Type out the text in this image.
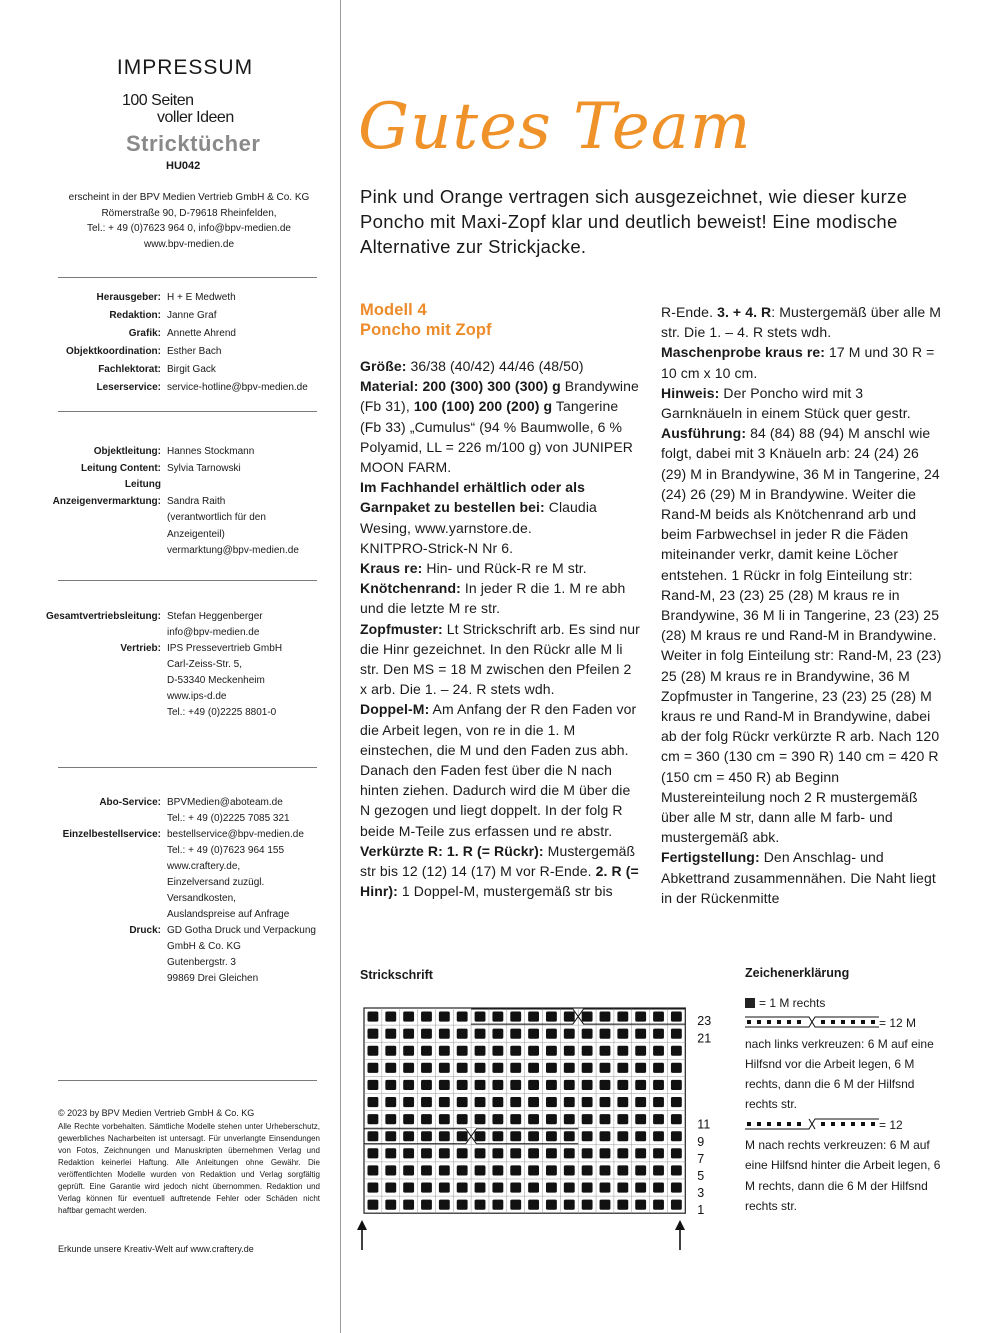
IMPRESSUM
100 Seiten
voller Ideen
Stricktücher
HU042
erscheint in der BPV Medien Vertrieb GmbH & Co. KG
Römerstraße 90, D-79618 Rheinfelden,
Tel.: + 49 (0)7623 964 0, info@bpv-medien.de
www.bpv-medien.de
Herausgeber: H + E Medweth
Redaktion: Janne Graf
Grafik: Annette Ahrend
Objektkoordination: Esther Bach
Fachlektorat: Birgit Gack
Leserservice: service-hotline@bpv-medien.de
Objektleitung: Hannes Stockmann
Leitung Content: Sylvia Tarnowski
Leitung
Anzeigenvermarktung: Sandra Raith
(verantwortlich für den
Anzeigenteil)
vermarktung@bpv-medien.de
Gesamtvertriebsleitung: Stefan Heggenberger
info@bpv-medien.de
Vertrieb: IPS Pressevertrieb GmbH
Carl-Zeiss-Str. 5,
D-53340 Meckenheim
www.ips-d.de
Tel.: +49 (0)2225 8801-0
Abo-Service: BPVMedien@aboteam.de
Tel.: + 49 (0)2225 7085 321
Einzelbestellservice: bestellservice@bpv-medien.de
Tel.: + 49 (0)7623 964 155
www.craftery.de,
Einzelversand zuzügl.
Versandkosten,
Auslandspreise auf Anfrage
Druck: GD Gotha Druck und Verpackung
GmbH & Co. KG
Gutenbergstr. 3
99869 Drei Gleichen
© 2023 by BPV Medien Vertrieb GmbH & Co. KG
Alle Rechte vorbehalten. Sämtliche Modelle stehen unter Urheberschutz, gewerbliches Nacharbeiten ist untersagt. Für unverlangte Einsendungen von Fotos, Zeichnungen und Manuskripten übernehmen Verlag und Redaktion keinerlei Haftung. Alle Anleitungen ohne Gewähr. Die veröffentlichten Modelle wurden von Redaktion und Verlag sorgfältig geprüft. Eine Garantie wird jedoch nicht übernommen. Redaktion und Verlag können für eventuell auftretende Fehler oder Schäden nicht haftbar gemacht werden.
Erkunde unsere Kreativ-Welt auf www.craftery.de
Gutes Team
Pink und Orange vertragen sich ausgezeichnet, wie dieser kurze Poncho mit Maxi-Zopf klar und deutlich beweist! Eine modische Alternative zur Strickjacke.
Modell 4
Poncho mit Zopf
Größe: 36/38 (40/42) 44/46 (48/50)
Material: 200 (300) 300 (300) g Brandywine (Fb 31), 100 (100) 200 (200) g Tangerine (Fb 33) „Cumulus“ (94 % Baumwolle, 6 % Polyamid, LL = 226 m/100 g) von JUNIPER MOON FARM.
Im Fachhandel erhältlich oder als Garnpaket zu bestellen bei: Claudia Wesing, www.yarnstore.de.
KNITPRO-Strick-N Nr 6.
Kraus re: Hin- und Rück-R re M str.
Knötchenrand: In jeder R die 1. M re abh und die letzte M re str.
Zopfmuster: Lt Strickschrift arb. Es sind nur die Hinr gezeichnet. In den Rückr alle M li str. Den MS = 18 M zwischen den Pfeilen 2 x arb. Die 1. – 24. R stets wdh.
Doppel-M: Am Anfang der R den Faden vor die Arbeit legen, von re in die 1. M einstechen, die M und den Faden zus abh. Danach den Faden fest über die N nach hinten ziehen. Dadurch wird die M über die N gezogen und liegt doppelt. In der folg R beide M-Teile zus erfassen und re abstr.
Verkürzte R: 1. R (= Rückr): Mustergemäß str bis 12 (12) 14 (17) M vor R-Ende. 2. R (= Hinr): 1 Doppel-M, mustergemäß str bis

R-Ende. 3. + 4. R: Mustergemäß über alle M str. Die 1. – 4. R stets wdh.
Maschenprobe kraus re: 17 M und 30 R = 10 cm x 10 cm.
Hinweis: Der Poncho wird mit 3 Garnknäueln in einem Stück quer gestr.
Ausführung: 84 (84) 88 (94) M anschl wie folgt, dabei mit 3 Knäueln arb: 24 (24) 26 (29) M in Brandywine, 36 M in Tangerine, 24 (24) 26 (29) M in Brandywine. Weiter die Rand-M beids als Knötchenrand arb und beim Farbwechsel in jeder R die Fäden miteinander verkr, damit keine Löcher entstehen. 1 Rückr in folg Einteilung str: Rand-M, 23 (23) 25 (28) M kraus re in Brandywine, 36 M li in Tangerine, 23 (23) 25 (28) M kraus re und Rand-M in Brandywine. Weiter in folg Einteilung str: Rand-M, 23 (23) 25 (28) M kraus re in Brandywine, 36 M Zopfmuster in Tangerine, 23 (23) 25 (28) M kraus re und Rand-M in Brandywine, dabei ab der folg Rückr verkürzte R arb. Nach 120 cm = 360 (130 cm = 390 R) 140 cm = 420 R (150 cm = 450 R) ab Beginn Mustereinteilung noch 2 R mustergemäß über alle M str, dann alle M farb- und mustergemäß abk.
Fertigstellung: Den Anschlag- und Abkettrand zusammennähen. Die Naht liegt in der Rückenmitte

Strickschrift
23
21
11
9
7
5
3
1
Zeichenerklärung
= 1 M rechts
= 12 M
nach links verkreuzen: 6 M auf eine Hilfsnd vor die Arbeit legen, 6 M rechts, dann die 6 M der Hilfsnd rechts str.
= 12
M nach rechts verkreuzen: 6 M auf eine Hilfsnd hinter die Arbeit legen, 6 M rechts, dann die 6 M der Hilfsnd rechts str.
